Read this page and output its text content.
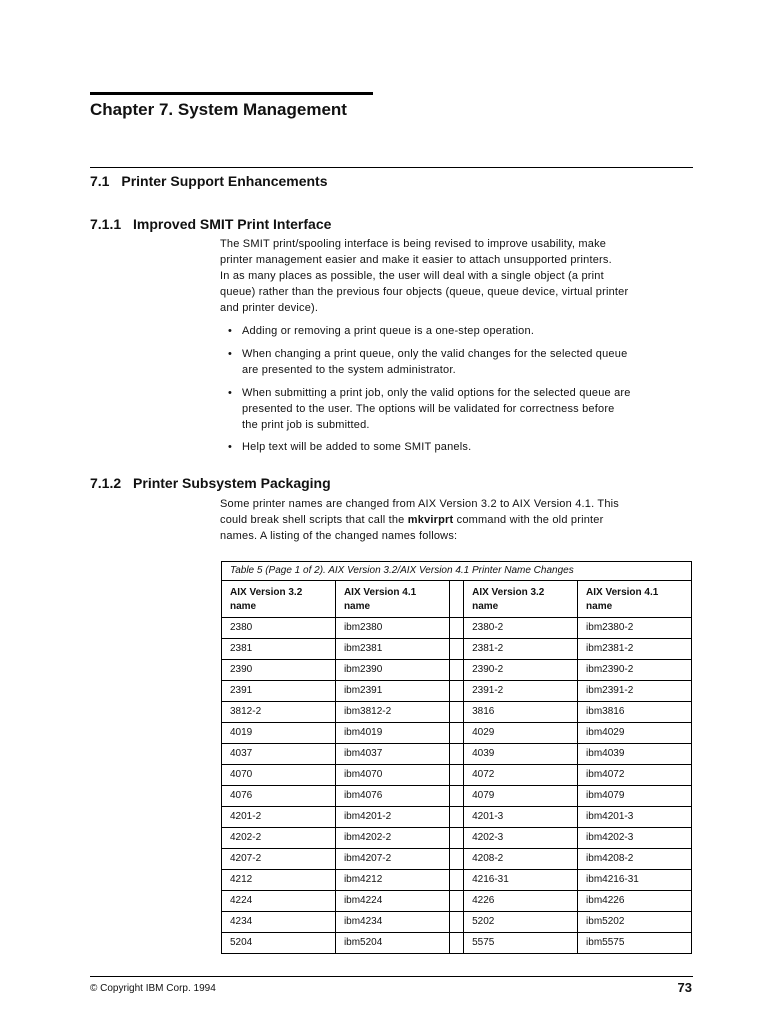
Chapter 7. System Management
7.1 Printer Support Enhancements
7.1.1 Improved SMIT Print Interface

The SMIT print/spooling interface is being revised to improve usability, make
printer management easier and make it easier to attach unsupported printers.
In as many places as possible, the user will deal with a single object (a print
queue) rather than the previous four objects (queue, queue device, virtual printer
and printer device).

• Adding or removing a print queue is a one-step operation.
• When changing a print queue, only the valid changes for the selected queue
are presented to the system administrator.
• When submitting a print job, only the valid options for the selected queue are
presented to the user. The options will be validated for correctness before
the print job is submitted.
• Help text will be added to some SMIT panels.
7.1.2 Printer Subsystem Packaging

Some printer names are changed from AIX Version 3.2 to AIX Version 4.1. This
could break shell scripts that call the mkvirprt command with the old printer
names. A listing of the changed names follows:

Table 5 (Page 1 of 2). AIX Version 3.2/AIX Version 4.1 Printer Name Changes				
AIX Version 3.2
name	AIX Version 4.1
name		AIX Version 3.2
name	AIX Version 4.1
name
2380	ibm2380		2380-2	ibm2380-2
2381	ibm2381		2381-2	ibm2381-2
2390	ibm2390		2390-2	ibm2390-2
2391	ibm2391		2391-2	ibm2391-2
3812-2	ibm3812-2		3816	ibm3816
4019	ibm4019		4029	ibm4029
4037	ibm4037		4039	ibm4039
4070	ibm4070		4072	ibm4072
4076	ibm4076		4079	ibm4079
4201-2	ibm4201-2		4201-3	ibm4201-3
4202-2	ibm4202-2		4202-3	ibm4202-3
4207-2	ibm4207-2		4208-2	ibm4208-2
4212	ibm4212		4216-31	ibm4216-31
4224	ibm4224		4226	ibm4226
4234	ibm4234		5202	ibm5202
5204	ibm5204		5575	ibm5575
© Copyright IBM Corp. 1994	73
